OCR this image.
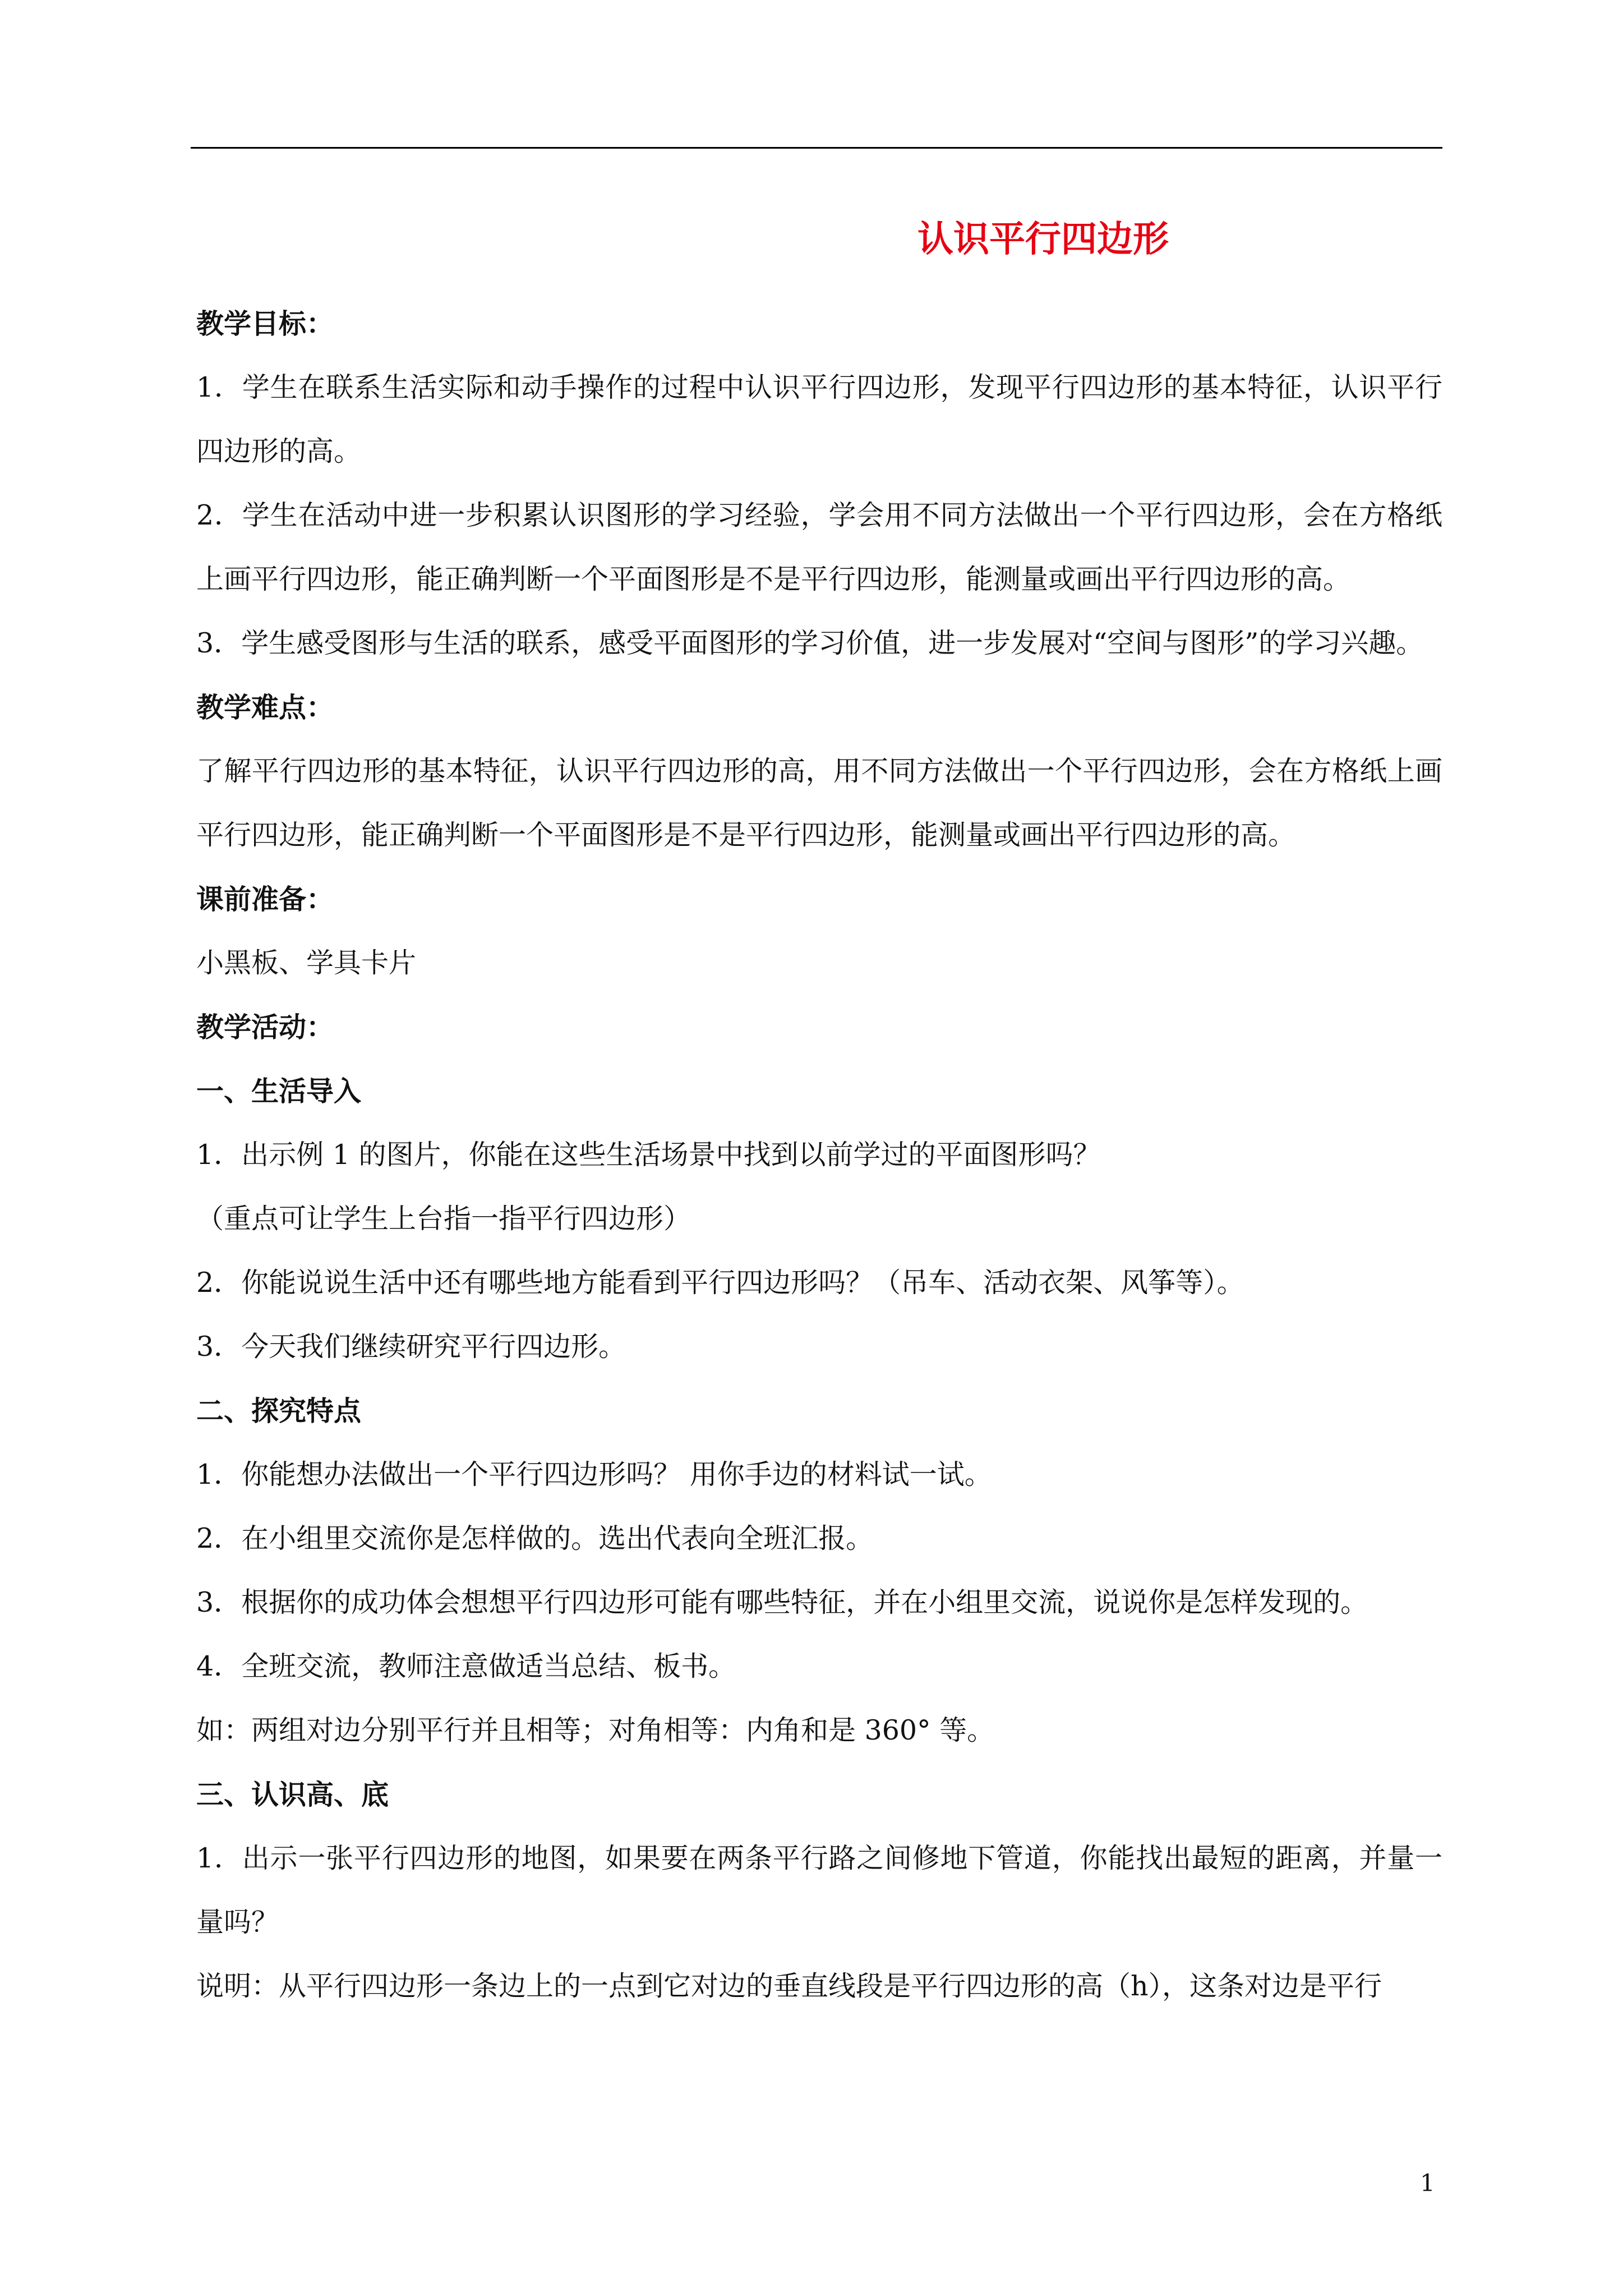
认识平行四边形

教学目标：

1．学生在联系生活实际和动手操作的过程中认识平行四边形，发现平行四边形的基本特征，认识平行四边形的高。

2．学生在活动中进一步积累认识图形的学习经验，学会用不同方法做出一个平行四边形，会在方格纸上画平行四边形，能正确判断一个平面图形是不是平行四边形，能测量或画出平行四边形的高。

3．学生感受图形与生活的联系，感受平面图形的学习价值，进一步发展对“空间与图形”的学习兴趣。

教学难点：

了解平行四边形的基本特征，认识平行四边形的高，用不同方法做出一个平行四边形，会在方格纸上画平行四边形，能正确判断一个平面图形是不是平行四边形，能测量或画出平行四边形的高。

课前准备：

小黑板、学具卡片

教学活动：

一、生活导入

1．出示例 1 的图片，你能在这些生活场景中找到以前学过的平面图形吗？

（重点可让学生上台指一指平行四边形）

2．你能说说生活中还有哪些地方能看到平行四边形吗？（吊车、活动衣架、风筝等）。

3．今天我们继续研究平行四边形。

二、探究特点

1．你能想办法做出一个平行四边形吗？ 用你手边的材料试一试。

2．在小组里交流你是怎样做的。选出代表向全班汇报。

3．根据你的成功体会想想平行四边形可能有哪些特征，并在小组里交流，说说你是怎样发现的。

4．全班交流，教师注意做适当总结、板书。

如：两组对边分别平行并且相等；对角相等：内角和是 360° 等。

三、认识高、底

1．出示一张平行四边形的地图，如果要在两条平行路之间修地下管道，你能找出最短的距离，并量一量吗？

说明：从平行四边形一条边上的一点到它对边的垂直线段是平行四边形的高（h），这条对边是平行

1
